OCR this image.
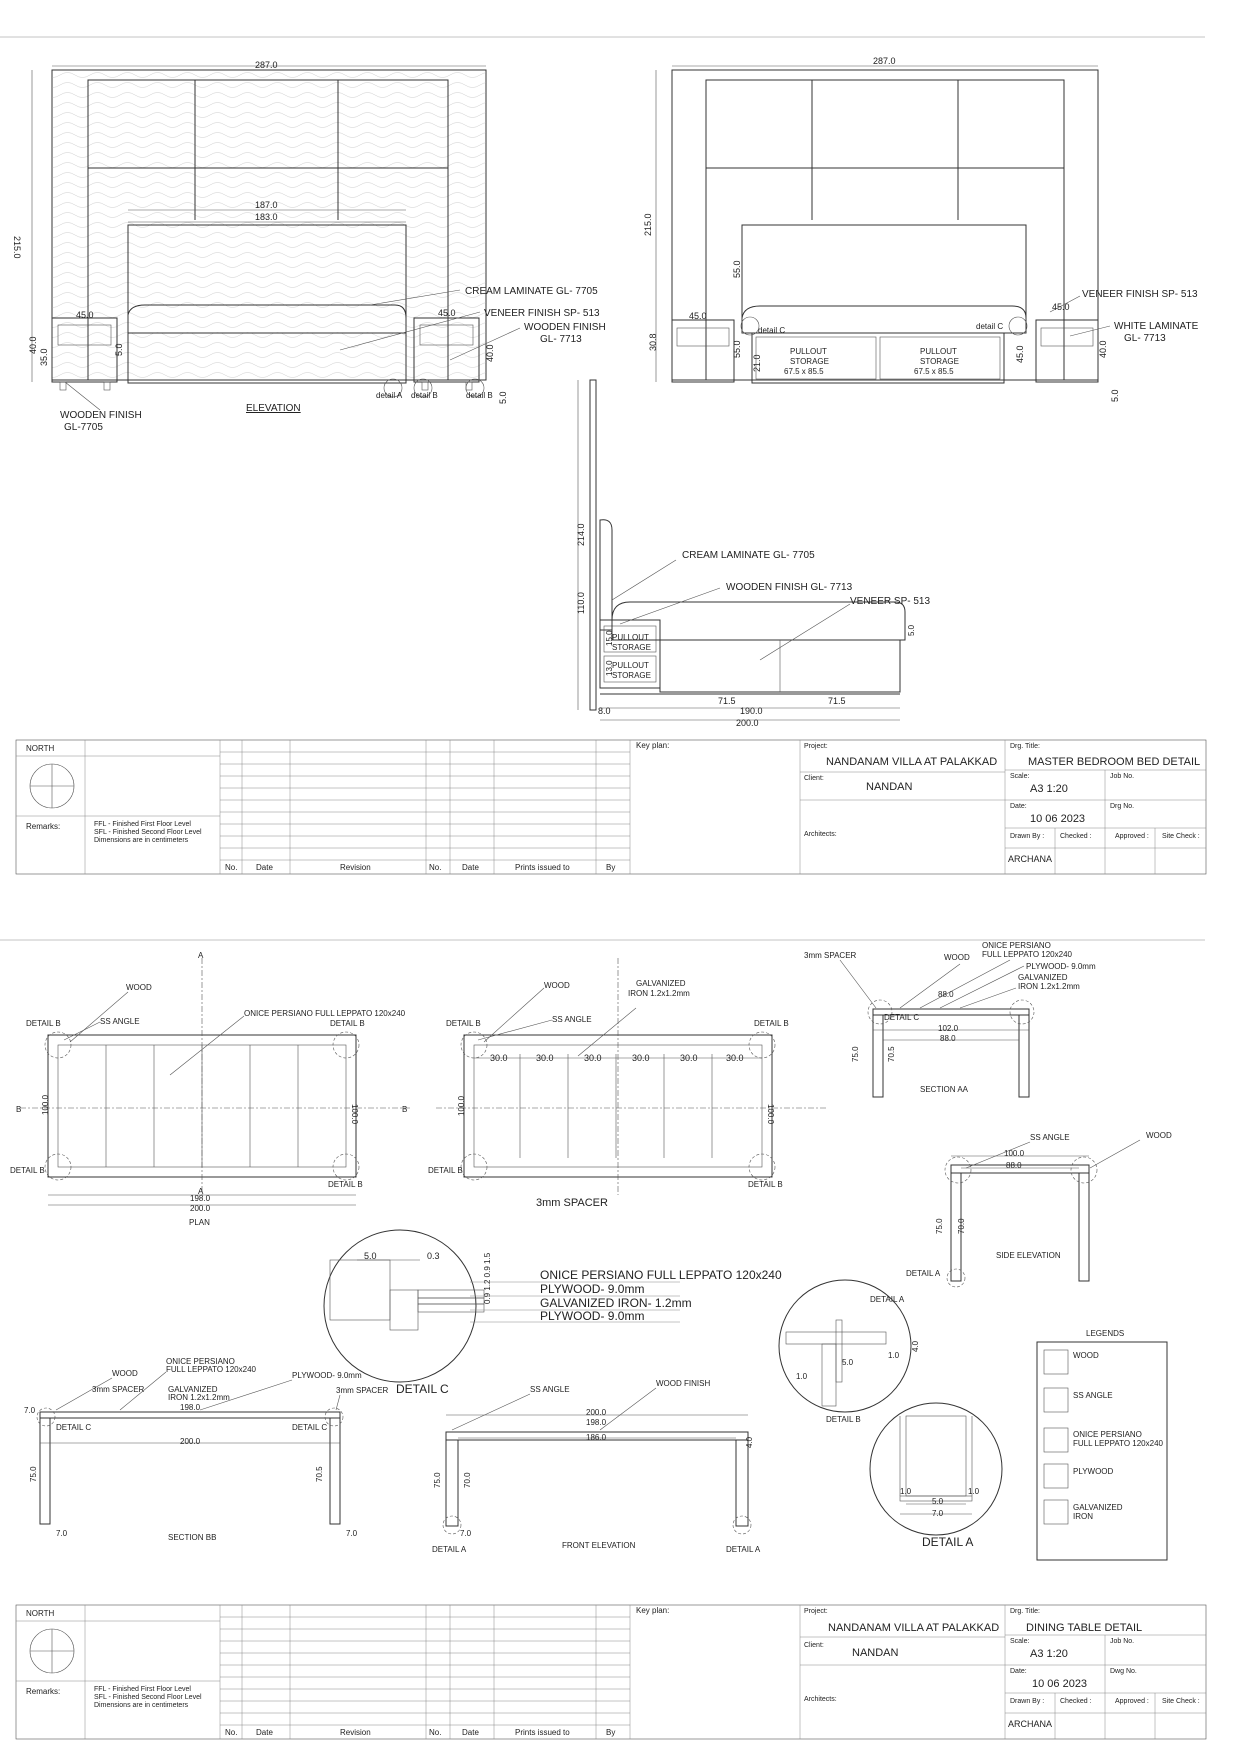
287.0
215.0
187.0
183.0
45.0	45.0
40.0
35.0	5.0	40.0
5.0
CREAM LAMINATE GL- 7705
VENEER FINISH SP- 513
WOODEN FINISH
GL- 7713
WOODEN FINISH
GL-7705
ELEVATION
detail A detail B	detail B
287.0
215.0
55.0
30.8	55.0
21.0
45.0	40.0
5.0
45.0
45.0
detail C	detail C
PULLOUT
STORAGE
67.5 x 85.5
PULLOUT
STORAGE
67.5 x 85.5
VENEER FINISH SP- 513
WHITE LAMINATE
GL- 7713
214.0
110.0
15.0
13.0
PULLOUT
STORAGE
PULLOUT
STORAGE
5.0
CREAM LAMINATE GL- 7705
WOODEN FINISH GL- 7713
VENEER SP- 513
8.0
71.5	71.5
190.0
200.0
NORTH
Remarks:	FFL - Finished First Floor Level
SFL - Finished Second Floor Level
Dimensions are in centimeters
No. Date	Revision	No.	Date	Prints issued to	By
Key plan:	Project:
NANDANAM VILLA AT PALAKKAD
Client:
NANDAN
Architects:
Drg. Title:
MASTER BEDROOM BED DETAIL
Scale:
A3 1:20
Job No.
Date:
10 06 2023
Drg No.
Drawn By : Checked :	Approved : Site Check :
ARCHANA
A
A
B	B
WOOD
SS ANGLE
ONICE PERSIANO FULL LEPPATO 120x240
DETAIL B	DETAIL B
DETAIL B
DETAIL B
100.0	100.0
198.0
200.0
PLAN
30.0	30.0	30.0	30.0	30.0	30.0
WOOD
SS ANGLE
GALVANIZED
IRON 1.2x1.2mm
DETAIL B	DETAIL B
DETAIL B
DETAIL B
100.0	100.0
3mm SPACER
3mm SPACER	WOOD
ONICE PERSIANO
FULL LEPPATO 120x240
PLYWOOD- 9.0mm
GALVANIZED
IRON 1.2x1.2mm
88.0
DETAIL C
102.0
88.0
75.0	70.5
SECTION AA
SS ANGLE	WOOD
100.0
88.0
75.0 70.0
DETAIL A
SIDE ELEVATION
5.0	0.3	0.9 1.2 0.9 1.5	ONICE PERSIANO FULL LEPPATO 120x240
PLYWOOD- 9.0mm
GALVANIZED IRON- 1.2mm
PLYWOOD- 9.0mm
DETAIL C
DETAIL A
4.0
5.0
1.0
1.0
DETAIL B
1.0	1.0
5.0
7.0
DETAIL A
LEGENDS
WOOD
SS ANGLE
ONICE PERSIANO
FULL LEPPATO 120x240
PLYWOOD
GALVANIZED
IRON
WOOD
ONICE PERSIANO
FULL LEPPATO 120x240
3mm SPACER	GALVANIZED
IRON 1.2x1.2mm
PLYWOOD- 9.0mm
3mm SPACER
7.0	198.0
DETAIL C	DETAIL C
200.0
75.0	70.5
7.0	7.0
SECTION BB
SS ANGLE
WOOD FINISH
200.0
198.0
186.0	4.0
75.0	70.0
7.0
DETAIL A	DETAIL A
FRONT ELEVATION
NORTH
Remarks:	FFL - Finished First Floor Level
SFL - Finished Second Floor Level
Dimensions are in centimeters
No. Date	Revision	No.	Date	Prints issued to	By
Key plan:	Project:
NANDANAM VILLA AT PALAKKAD
Client:
NANDAN
Architects:
Drg. Title:
DINING TABLE DETAIL
Scale:
A3 1:20
Job No.
Date:
10 06 2023
Dwg No.
Drawn By : Checked :	Approved : Site Check :
ARCHANA
